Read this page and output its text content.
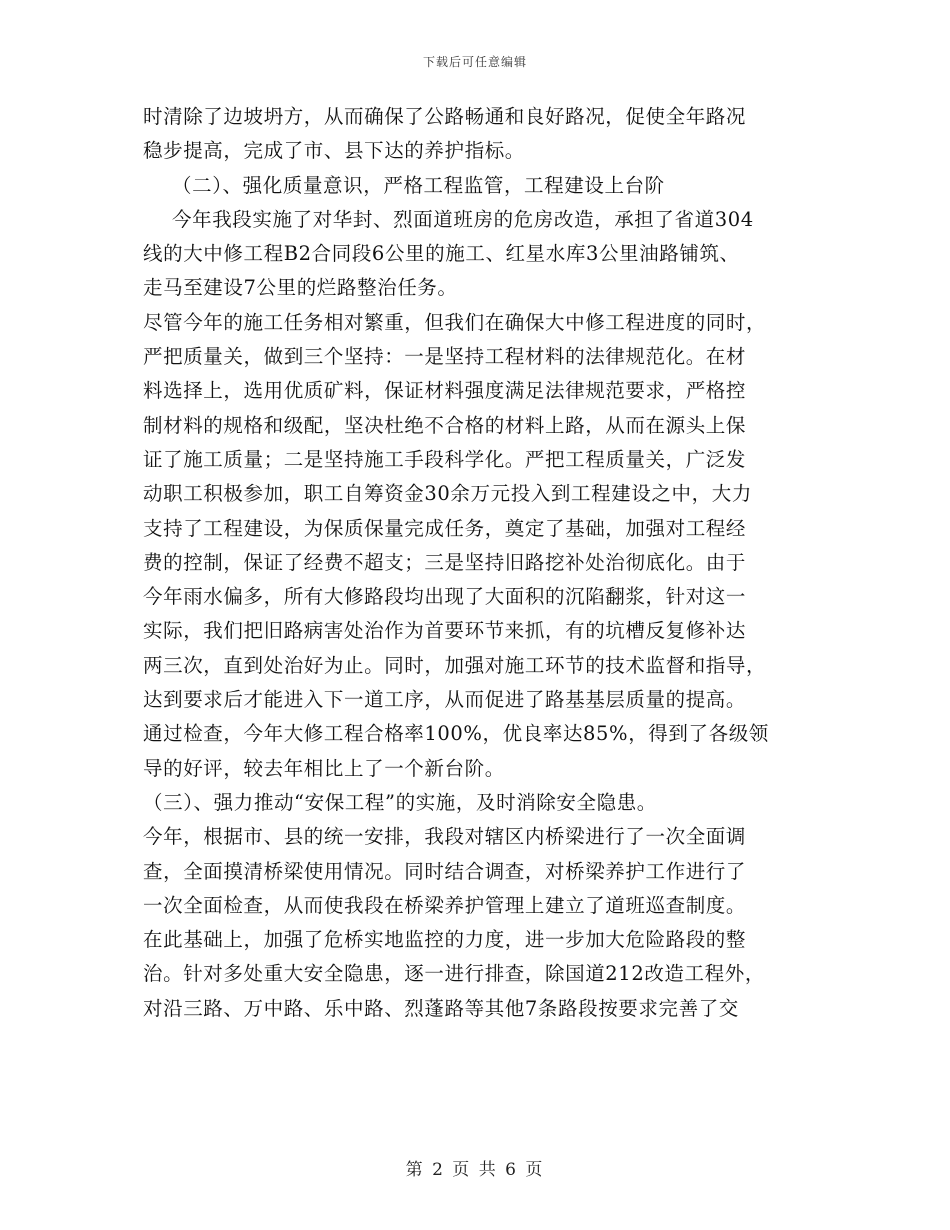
下载后可任意编辑
时清除了边坡坍方，从而确保了公路畅通和良好路况，促使全年路况
稳步提高，完成了市、县下达的养护指标。
（二）、强化质量意识，严格工程监管，工程建设上台阶
今年我段实施了对华封、烈面道班房的危房改造，承担了省道304
线的大中修工程B2合同段6公里的施工、红星水库3公里油路铺筑、
走马至建设7公里的烂路整治任务。
尽管今年的施工任务相对繁重，但我们在确保大中修工程进度的同时，
严把质量关，做到三个坚持：一是坚持工程材料的法律规范化。在材
料选择上，选用优质矿料，保证材料强度满足法律规范要求，严格控
制材料的规格和级配，坚决杜绝不合格的材料上路，从而在源头上保
证了施工质量；二是坚持施工手段科学化。严把工程质量关，广泛发
动职工积极参加，职工自筹资金30余万元投入到工程建设之中，大力
支持了工程建设，为保质保量完成任务，奠定了基础，加强对工程经
费的控制，保证了经费不超支；三是坚持旧路挖补处治彻底化。由于
今年雨水偏多，所有大修路段均出现了大面积的沉陷翻浆，针对这一
实际，我们把旧路病害处治作为首要环节来抓，有的坑槽反复修补达
两三次，直到处治好为止。同时，加强对施工环节的技术监督和指导，
达到要求后才能进入下一道工序，从而促进了路基基层质量的提高。
通过检查，今年大修工程合格率100%，优良率达85%，得到了各级领
导的好评，较去年相比上了一个新台阶。
（三）、强力推动“安保工程”的实施，及时消除安全隐患。
今年，根据市、县的统一安排，我段对辖区内桥梁进行了一次全面调
查，全面摸清桥梁使用情况。同时结合调查，对桥梁养护工作进行了
一次全面检查，从而使我段在桥梁养护管理上建立了道班巡查制度。
在此基础上，加强了危桥实地监控的力度，进一步加大危险路段的整
治。针对多处重大安全隐患，逐一进行排查，除国道212改造工程外，
对沿三路、万中路、乐中路、烈蓬路等其他7条路段按要求完善了交
第 2 页 共 6 页
